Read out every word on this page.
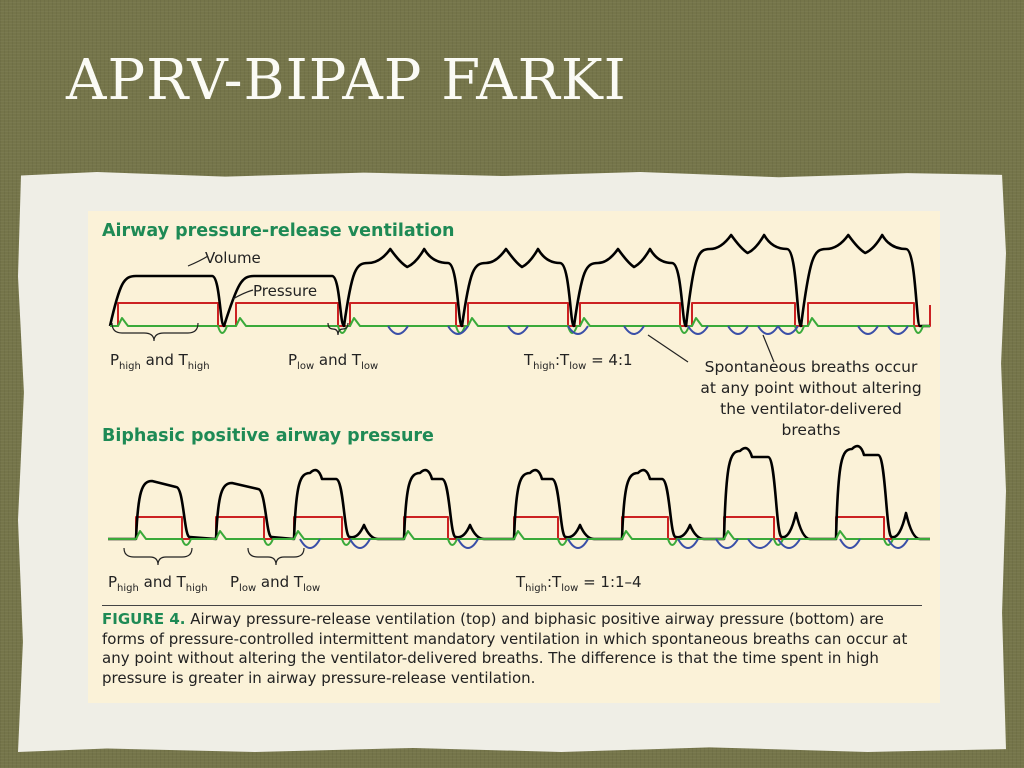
APRV-BIPAP FARKI
Airway pressure-release ventilation
Volume
Pressure
$P_{high}$ and $T_{high}$	$P_{low}$ and $T_{low}$	$T_{high}:T_{low}$ = 4:1	Spontaneous breaths occur
at any point without altering
the ventilator-delivered
breaths
Biphasic positive airway pressure
$P_{high}$ and $T_{high}$ $P_{low}$ and $T_{low}$	$T_{high}:T_{low}$ = 1:1–4

FIGURE 4. Airway pressure-release ventilation (top) and biphasic positive airway pressure (bottom) are forms of pressure-controlled intermittent mandatory ventilation in which spontaneous breaths can occur at any point without altering the ventilator-delivered breaths. The difference is that the time spent in high pressure is greater in airway pressure-release ventilation.
